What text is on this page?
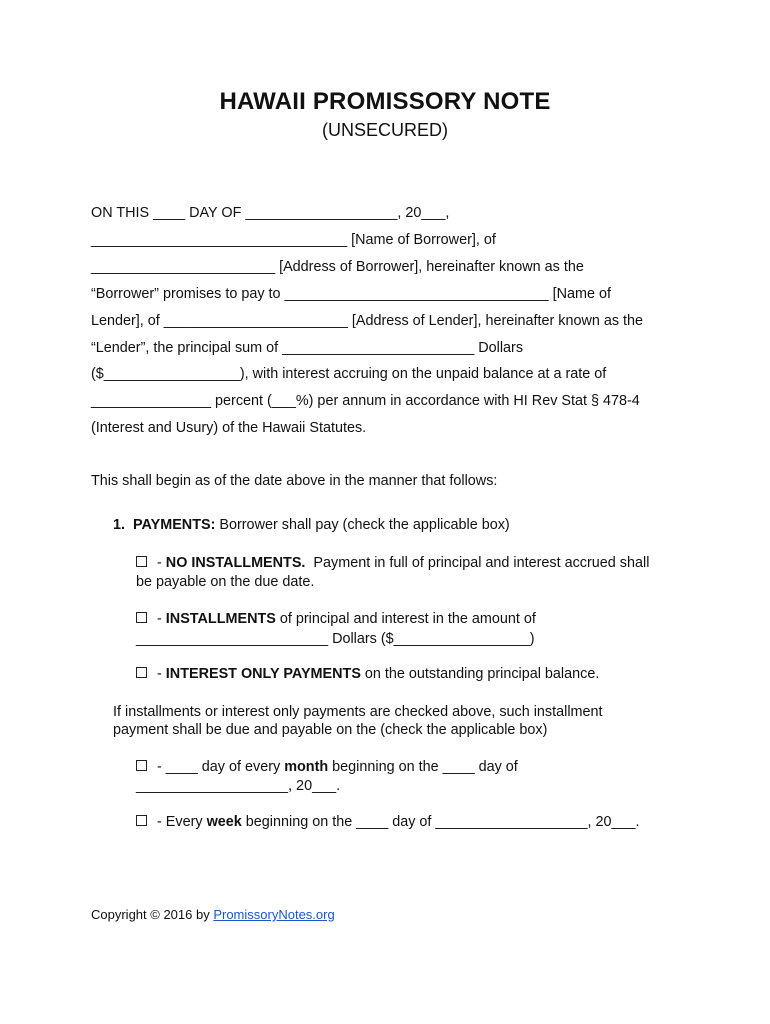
HAWAII PROMISSORY NOTE
(UNSECURED)
ON THIS ____ DAY OF ___________________, 20___,
________________________________ [Name of Borrower], of
_______________________ [Address of Borrower], hereinafter known as the
“Borrower” promises to pay to _________________________________ [Name of
Lender], of _______________________ [Address of Lender], hereinafter known as the
“Lender”, the principal sum of ________________________ Dollars
($_________________), with interest accruing on the unpaid balance at a rate of
_______________ percent (___%) per annum in accordance with HI Rev Stat § 478-4
(Interest and Usury) of the Hawaii Statutes.
This shall begin as of the date above in the manner that follows:
1. PAYMENTS: Borrower shall pay (check the applicable box)
- NO INSTALLMENTS.  Payment in full of principal and interest accrued shall
be payable on the due date.
- INSTALLMENTS of principal and interest in the amount of
________________________ Dollars ($_________________)
- INTEREST ONLY PAYMENTS on the outstanding principal balance.
If installments or interest only payments are checked above, such installment
payment shall be due and payable on the (check the applicable box)
- ____ day of every month beginning on the ____ day of
___________________, 20___.
- Every week beginning on the ____ day of ___________________, 20___.
Copyright © 2016 by PromissoryNotes.org
